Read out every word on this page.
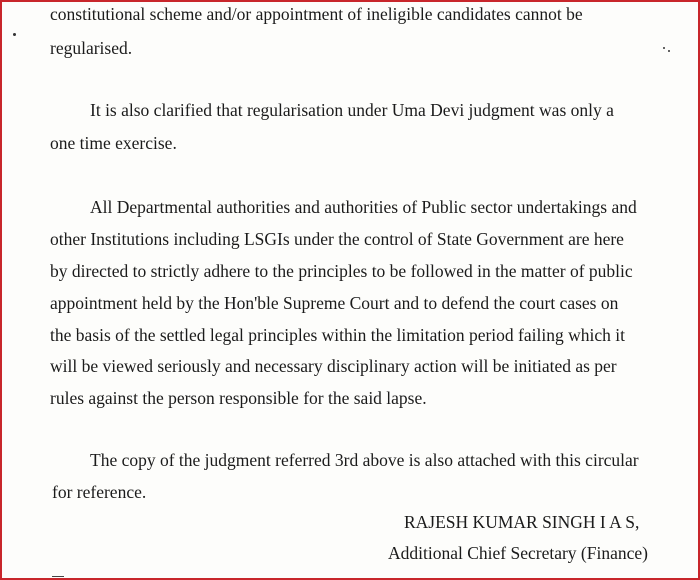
constitutional scheme and/or appointment of ineligible candidates cannot be
regularised.
It is also clarified that regularisation under Uma Devi judgment was only a
one time exercise.
All Departmental authorities and authorities of Public sector undertakings and
other Institutions including LSGIs under the control of State Government are here
by directed to strictly adhere to the principles to be followed in the matter of public
appointment held by the Hon'ble Supreme Court and to defend the court cases on
the basis of the settled legal principles within the limitation period failing which it
will be viewed seriously and necessary disciplinary action will be initiated as per
rules against the person responsible for the said lapse.
The copy of the judgment referred 3rd above is also attached with this circular
for reference.
RAJESH KUMAR SINGH I A S,
Additional Chief Secretary (Finance)
